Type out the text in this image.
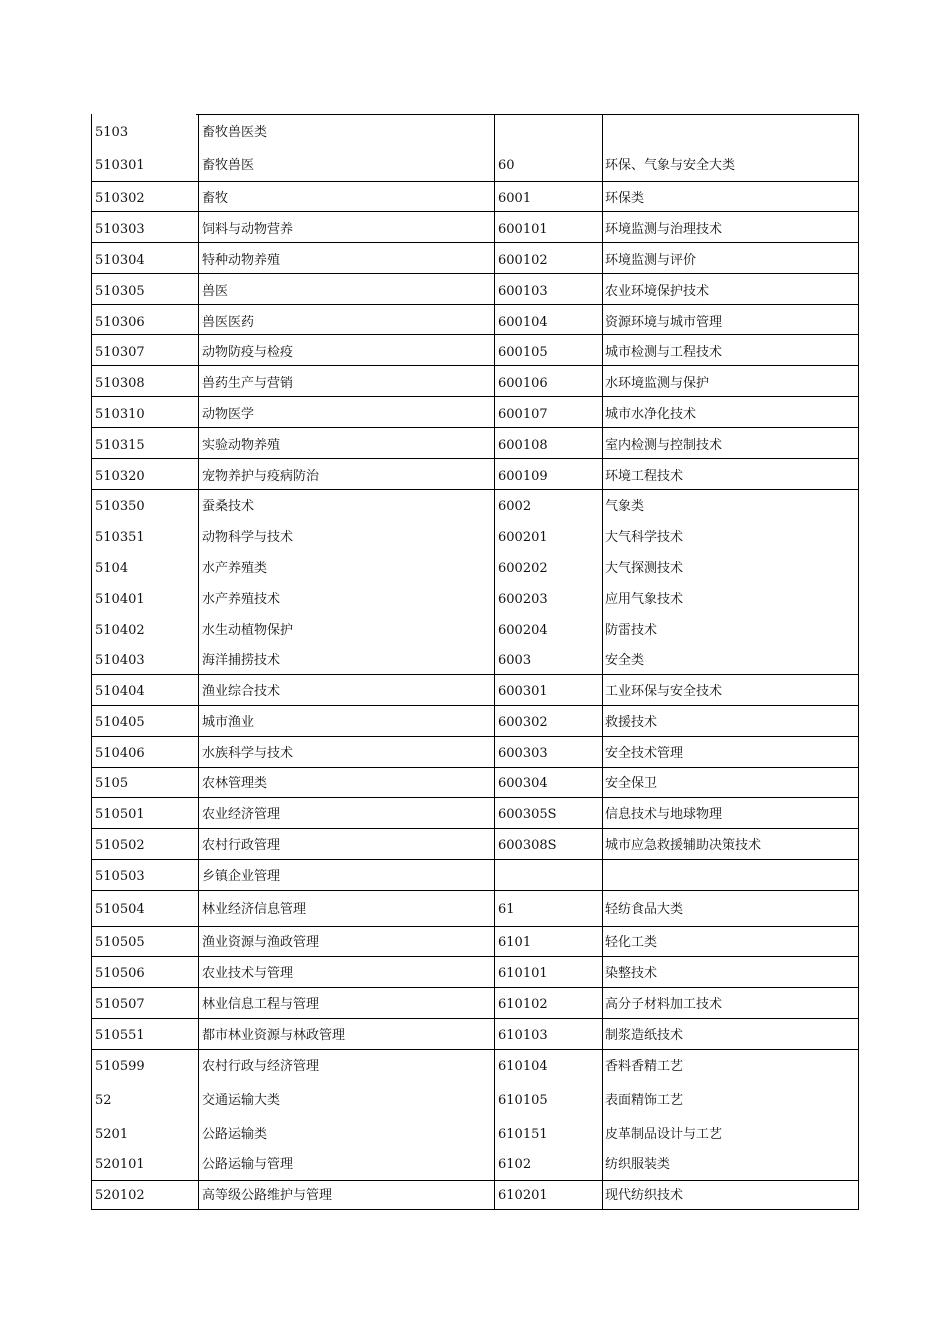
5103	畜牧兽医类
510301	畜牧兽医	60	环保、气象与安全大类
510302	畜牧	6001	环保类
510303	饲料与动物营养	600101	环境监测与治理技术
510304	特种动物养殖	600102	环境监测与评价
510305	兽医	600103	农业环境保护技术
510306	兽医医药	600104	资源环境与城市管理
510307	动物防疫与检疫	600105	城市检测与工程技术
510308	兽药生产与营销	600106	水环境监测与保护
510310	动物医学	600107	城市水净化技术
510315	实验动物养殖	600108	室内检测与控制技术
510320	宠物养护与疫病防治	600109	环境工程技术
510350	蚕桑技术	6002	气象类
510351	动物科学与技术	600201	大气科学技术
5104	水产养殖类	600202	大气探测技术
510401	水产养殖技术	600203	应用气象技术
510402	水生动植物保护	600204	防雷技术
510403	海洋捕捞技术	6003	安全类
510404	渔业综合技术	600301	工业环保与安全技术
510405	城市渔业	600302	救援技术
510406	水族科学与技术	600303	安全技术管理
5105	农林管理类	600304	安全保卫
510501	农业经济管理	600305S	信息技术与地球物理
510502	农村行政管理	600308S	城市应急救援辅助决策技术
510503	乡镇企业管理
510504	林业经济信息管理	61	轻纺食品大类
510505	渔业资源与渔政管理	6101	轻化工类
510506	农业技术与管理	610101	染整技术
510507	林业信息工程与管理	610102	高分子材料加工技术
510551	都市林业资源与林政管理	610103	制浆造纸技术
510599	农村行政与经济管理	610104	香料香精工艺
52	交通运输大类	610105	表面精饰工艺
5201	公路运输类	610151	皮革制品设计与工艺
520101	公路运输与管理	6102	纺织服装类
520102	高等级公路维护与管理	610201	现代纺织技术
